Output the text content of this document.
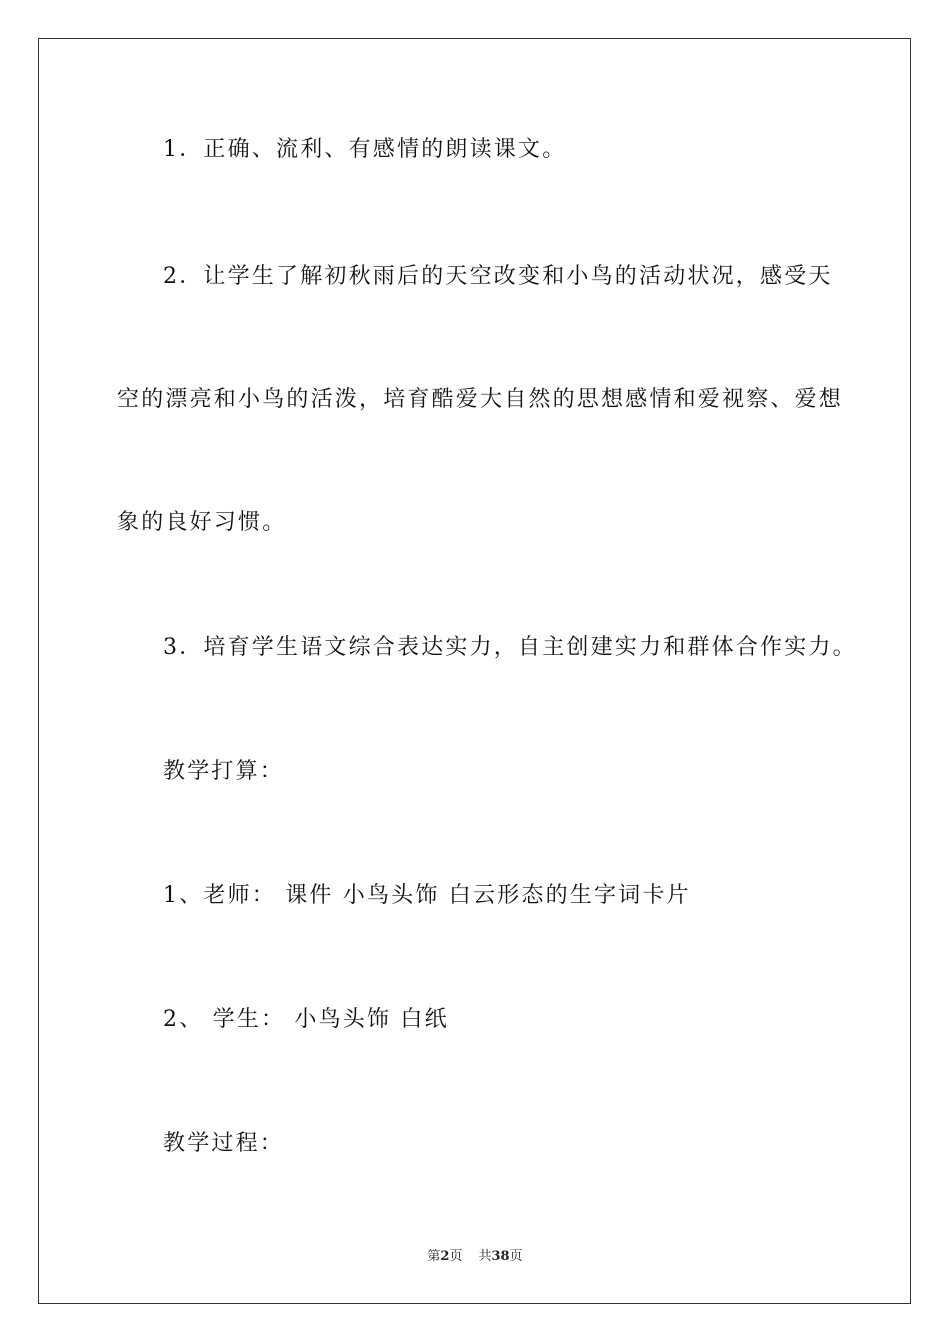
1．正确、流利、有感情的朗读课文。
2．让学生了解初秋雨后的天空改变和小鸟的活动状况，感受天
空的漂亮和小鸟的活泼，培育酷爱大自然的思想感情和爱视察、爱想
象的良好习惯。
3．培育学生语文综合表达实力，自主创建实力和群体合作实力。
教学打算：
1、老师： 课件 小鸟头饰 白云形态的生字词卡片
2、 学生： 小鸟头饰 白纸
教学过程：
第2页 共38页
